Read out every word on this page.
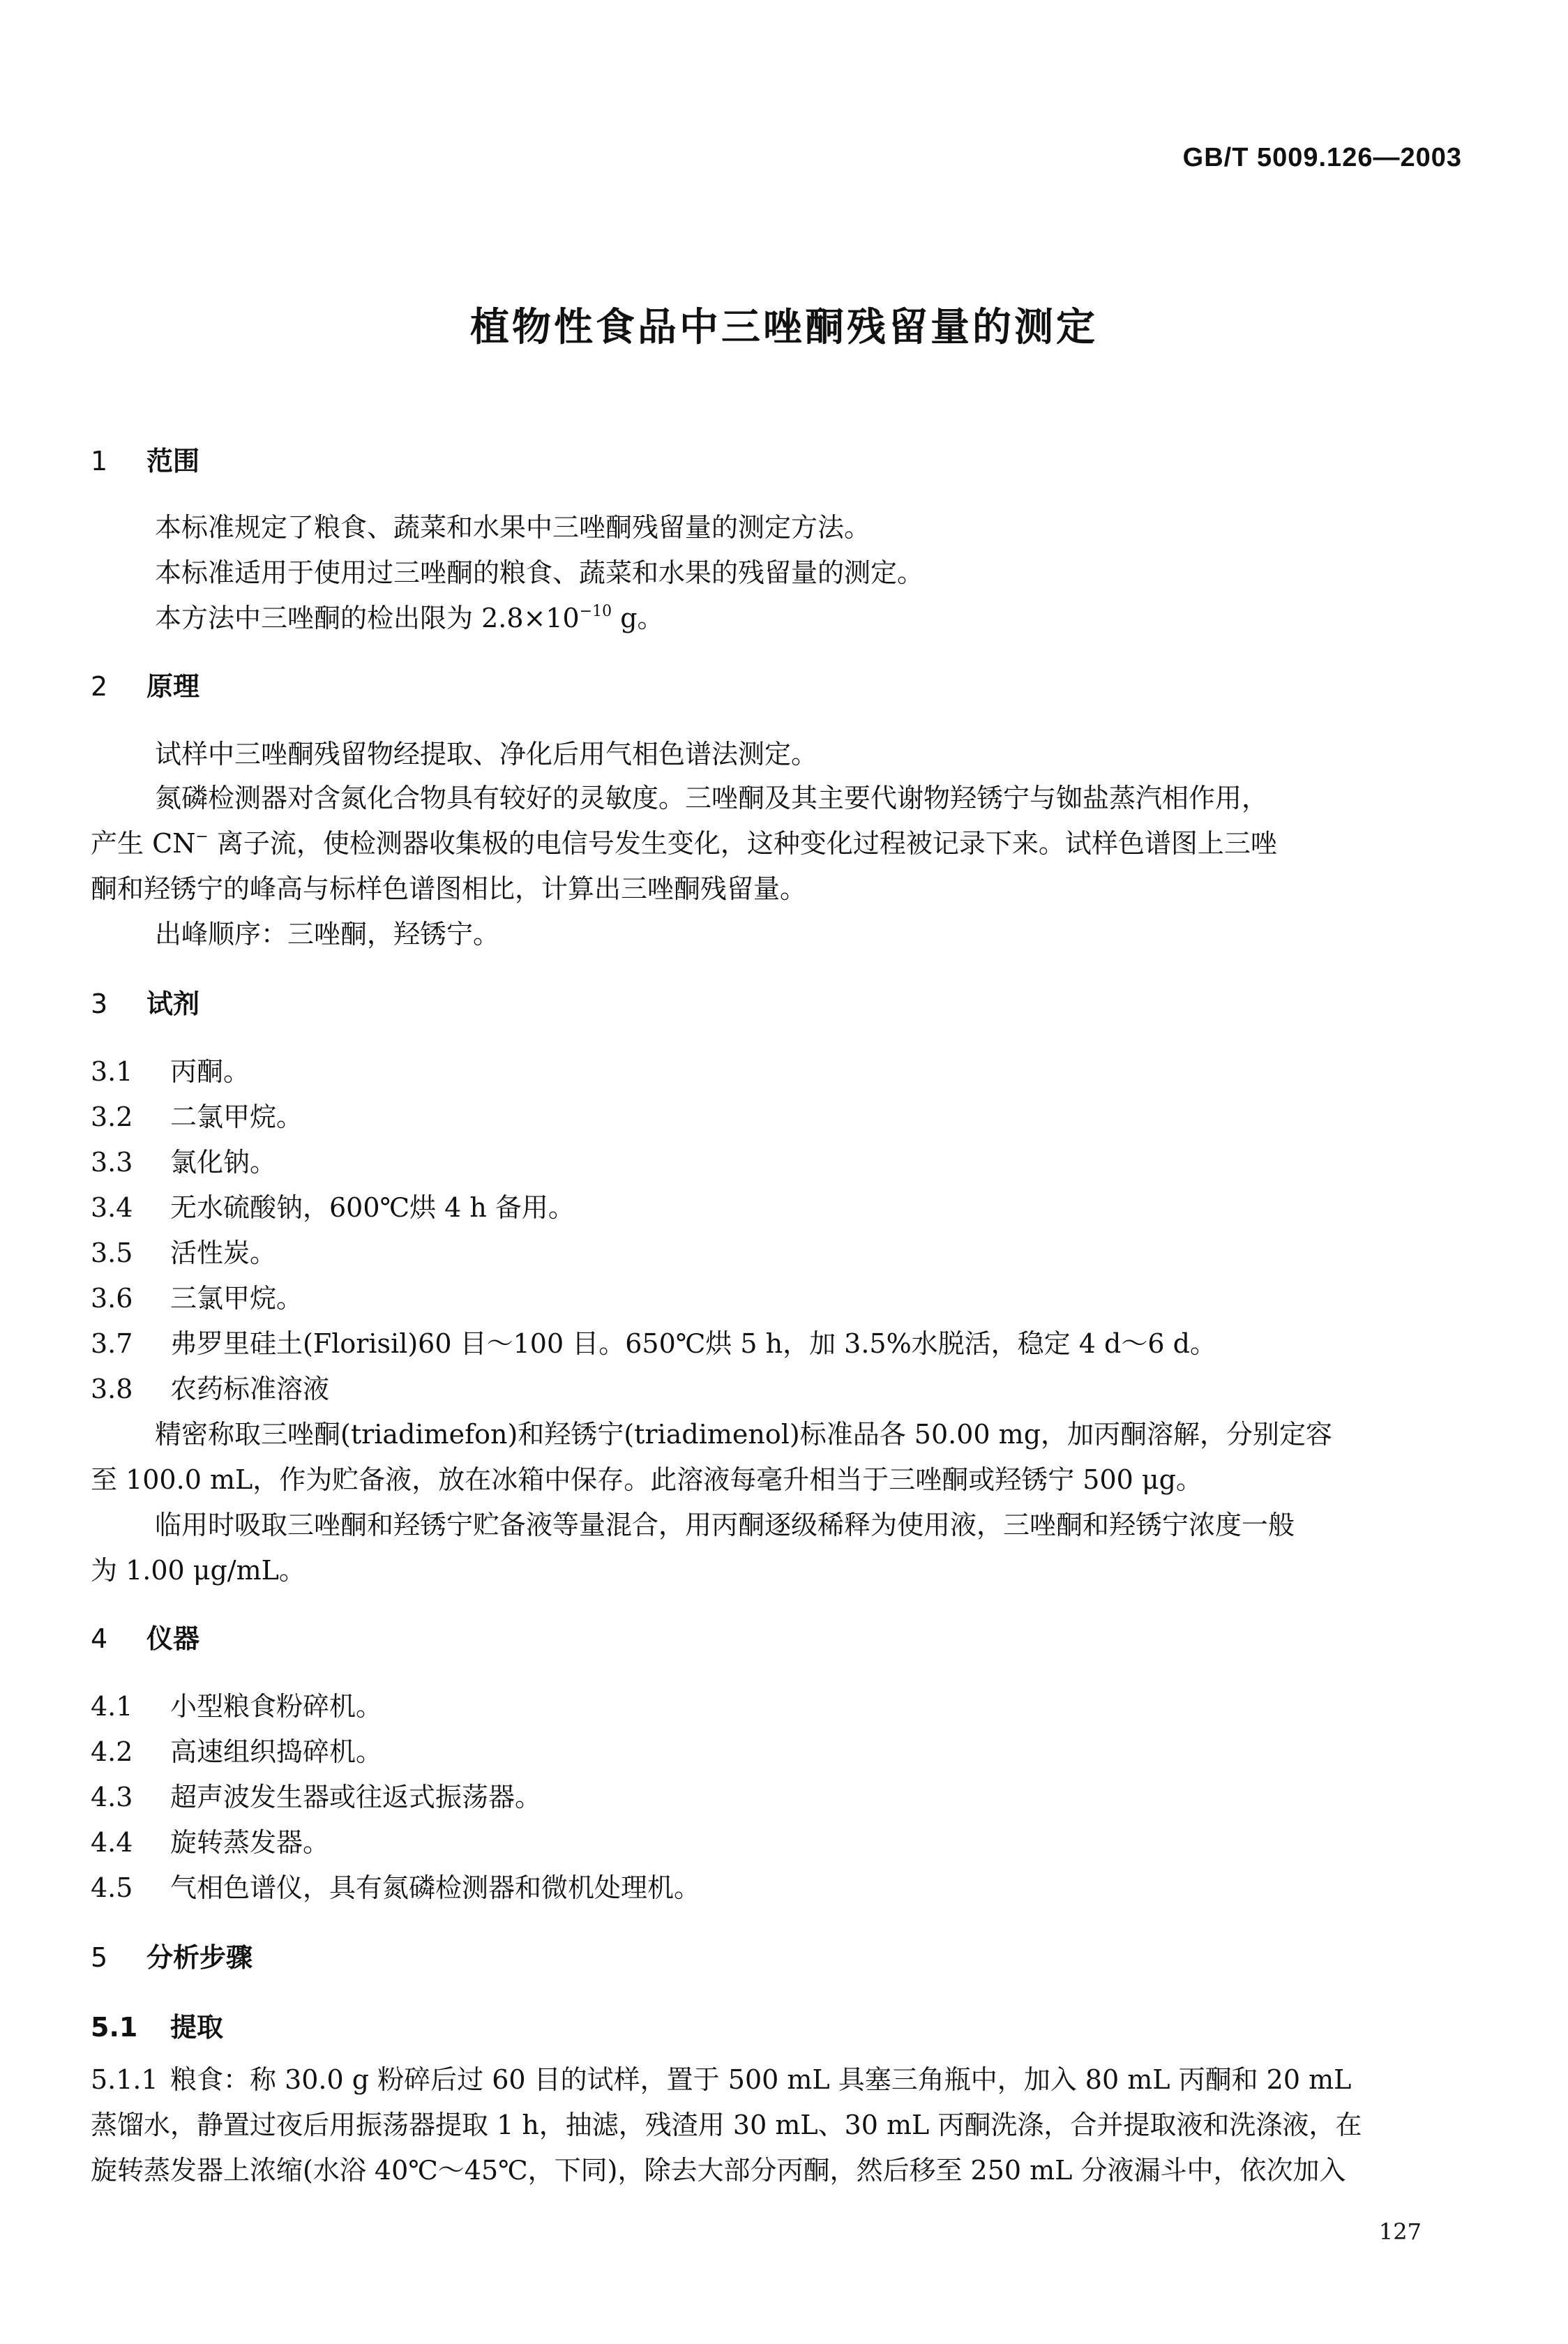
GB/T 5009.126—2003
植物性食品中三唑酮残留量的测定
1 范围
本标准规定了粮食、蔬菜和水果中三唑酮残留量的测定方法。
本标准适用于使用过三唑酮的粮食、蔬菜和水果的残留量的测定。
本方法中三唑酮的检出限为 $2.8\times 10^{-10}$ g。
2 原理
试样中三唑酮残留物经提取、净化后用气相色谱法测定。
氮磷检测器对含氮化合物具有较好的灵敏度。三唑酮及其主要代谢物羟锈宁与铷盐蒸汽相作用，
产生 CN− 离子流，使检测器收集极的电信号发生变化，这种变化过程被记录下来。试样色谱图上三唑
酮和羟锈宁的峰高与标样色谱图相比，计算出三唑酮残留量。
出峰顺序：三唑酮，羟锈宁。
3 试剂
3.1 丙酮。
3.2 二氯甲烷。
3.3 氯化钠。
3.4 无水硫酸钠，600℃烘 4 h 备用。
3.5 活性炭。
3.6 三氯甲烷。
3.7 弗罗里硅土(Florisil)60 目～100 目。650℃烘 5 h，加 3.5%水脱活，稳定 4 d～6 d。
3.8 农药标准溶液
精密称取三唑酮(triadimefon)和羟锈宁(triadimenol)标准品各 50.00 mg，加丙酮溶解，分别定容
至 100.0 mL，作为贮备液，放在冰箱中保存。此溶液每毫升相当于三唑酮或羟锈宁 500 μg。
临用时吸取三唑酮和羟锈宁贮备液等量混合，用丙酮逐级稀释为使用液，三唑酮和羟锈宁浓度一般
为 1.00 μg/mL。
4 仪器
4.1 小型粮食粉碎机。
4.2 高速组织捣碎机。
4.3 超声波发生器或往返式振荡器。
4.4 旋转蒸发器。
4.5 气相色谱仪，具有氮磷检测器和微机处理机。
5 分析步骤
5.1 提取
5.1.1 粮食：称 30.0 g 粉碎后过 60 目的试样，置于 500 mL 具塞三角瓶中，加入 80 mL 丙酮和 20 mL
蒸馏水，静置过夜后用振荡器提取 1 h，抽滤，残渣用 30 mL、30 mL 丙酮洗涤，合并提取液和洗涤液，在
旋转蒸发器上浓缩(水浴 40℃～45℃，下同)，除去大部分丙酮，然后移至 250 mL 分液漏斗中，依次加入
127
